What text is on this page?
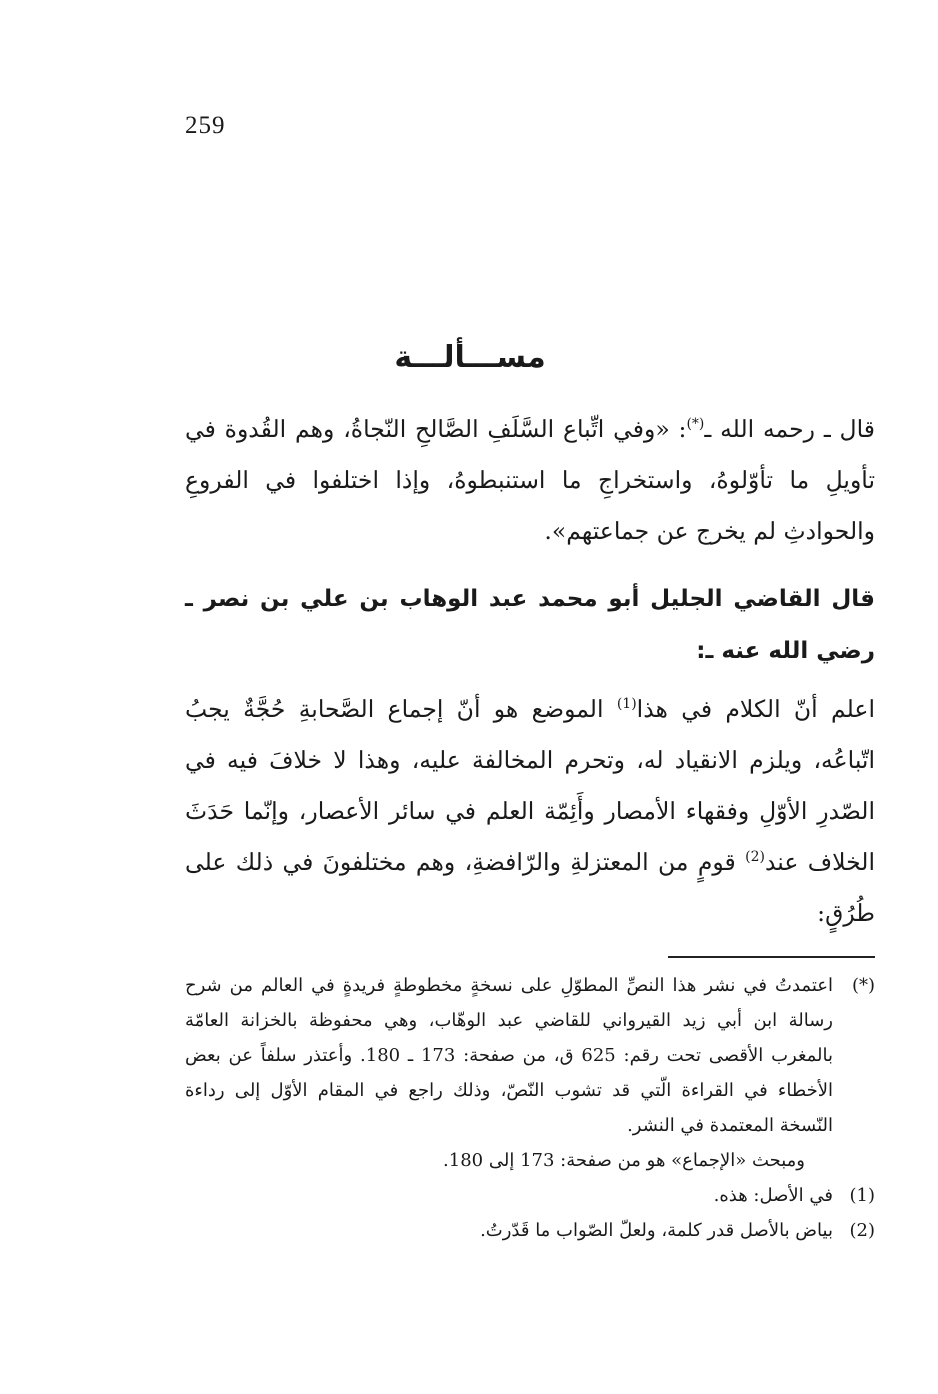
259
مســـألـــة
قال ـ رحمه الله ـ(*): «وفي اتِّباع السَّلَفِ الصَّالحِ النّجاةُ، وهم القُدوة في تأويلِ ما تأوّلوهُ، واستخراجِ ما استنبطوهُ، وإذا اختلفوا في الفروعِ والحوادثِ لم يخرج عن جماعتهم».
قال القاضي الجليل أبو محمد عبد الوهاب بن علي بن نصر ـ رضي الله عنه ـ:
اعلم أنّ الكلام في هذا$^{(1)}$ الموضع هو أنّ إجماع الصَّحابةِ حُجَّةٌ يجبُ اتّباعُه، ويلزم الانقياد له، وتحرم المخالفة عليه، وهذا لا خلافَ فيه في الصّدرِ الأوّلِ وفقهاء الأمصار وأَئِمّة العلم في سائر الأعصار، وإنّما حَدَثَ الخلاف عند$^{(2)}$ قومٍ من المعتزلةِ والرّافضةِ، وهم مختلفونَ في ذلك على طُرُقٍ:
(*)
اعتمدتُ في نشر هذا النصِّ المطوّلِ على نسخةٍ مخطوطةٍ فريدةٍ في العالم من شرح رسالة ابن أبي زيد القيرواني للقاضي عبد الوهّاب، وهي محفوظة بالخزانة العامّة بالمغرب الأقصى تحت رقم: 625 ق، من صفحة: 173 ـ 180. وأعتذر سلفاً عن بعض الأخطاء في القراءة الّتي قد تشوب النّصّ، وذلك راجع في المقام الأوّل إلى رداءة النّسخة المعتمدة في النشر.
ومبحث «الإجماع» هو من صفحة: 173 إلى 180.
(1)
في الأصل: هذه.
(2)
بياض بالأصل قدر كلمة، ولعلّ الصّواب ما قَدّرتُ.
